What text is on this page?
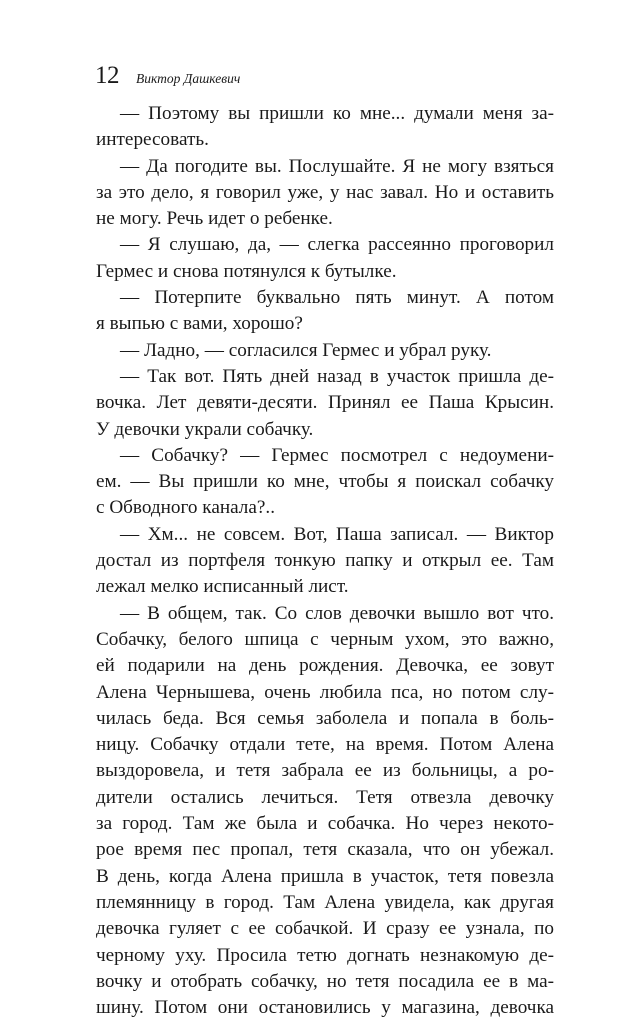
12 Виктор Дашкевич
— Поэтому вы пришли ко мне... думали меня за-
интересовать.
— Да погодите вы. Послушайте. Я не могу взяться
за это дело, я говорил уже, у нас завал. Но и оставить
не могу. Речь идет о ребенке.
— Я слушаю, да, — слегка рассеянно проговорил
Гермес и снова потянулся к бутылке.
— Потерпите буквально пять минут. А потом
я выпью с вами, хорошо?
— Ладно, — согласился Гермес и убрал руку.
— Так вот. Пять дней назад в участок пришла де-
вочка. Лет девяти-десяти. Принял ее Паша Крысин.
У девочки украли собачку.
— Собачку? — Гермес посмотрел с недоумени-
ем. — Вы пришли ко мне, чтобы я поискал собачку
с Обводного канала?..
— Хм... не совсем. Вот, Паша записал. — Виктор
достал из портфеля тонкую папку и открыл ее. Там
лежал мелко исписанный лист.
— В общем, так. Со слов девочки вышло вот что.
Собачку, белого шпица с черным ухом, это важно,
ей подарили на день рождения. Девочка, ее зовут
Алена Чернышева, очень любила пса, но потом слу-
чилась беда. Вся семья заболела и попала в боль-
ницу. Собачку отдали тете, на время. Потом Алена
выздоровела, и тетя забрала ее из больницы, а ро-
дители остались лечиться. Тетя отвезла девочку
за город. Там же была и собачка. Но через некото-
рое время пес пропал, тетя сказала, что он убежал.
В день, когда Алена пришла в участок, тетя повезла
племянницу в город. Там Алена увидела, как другая
девочка гуляет с ее собачкой. И сразу ее узнала, по
черному уху. Просила тетю догнать незнакомую де-
вочку и отобрать собачку, но тетя посадила ее в ма-
шину. Потом они остановились у магазина, девочка
